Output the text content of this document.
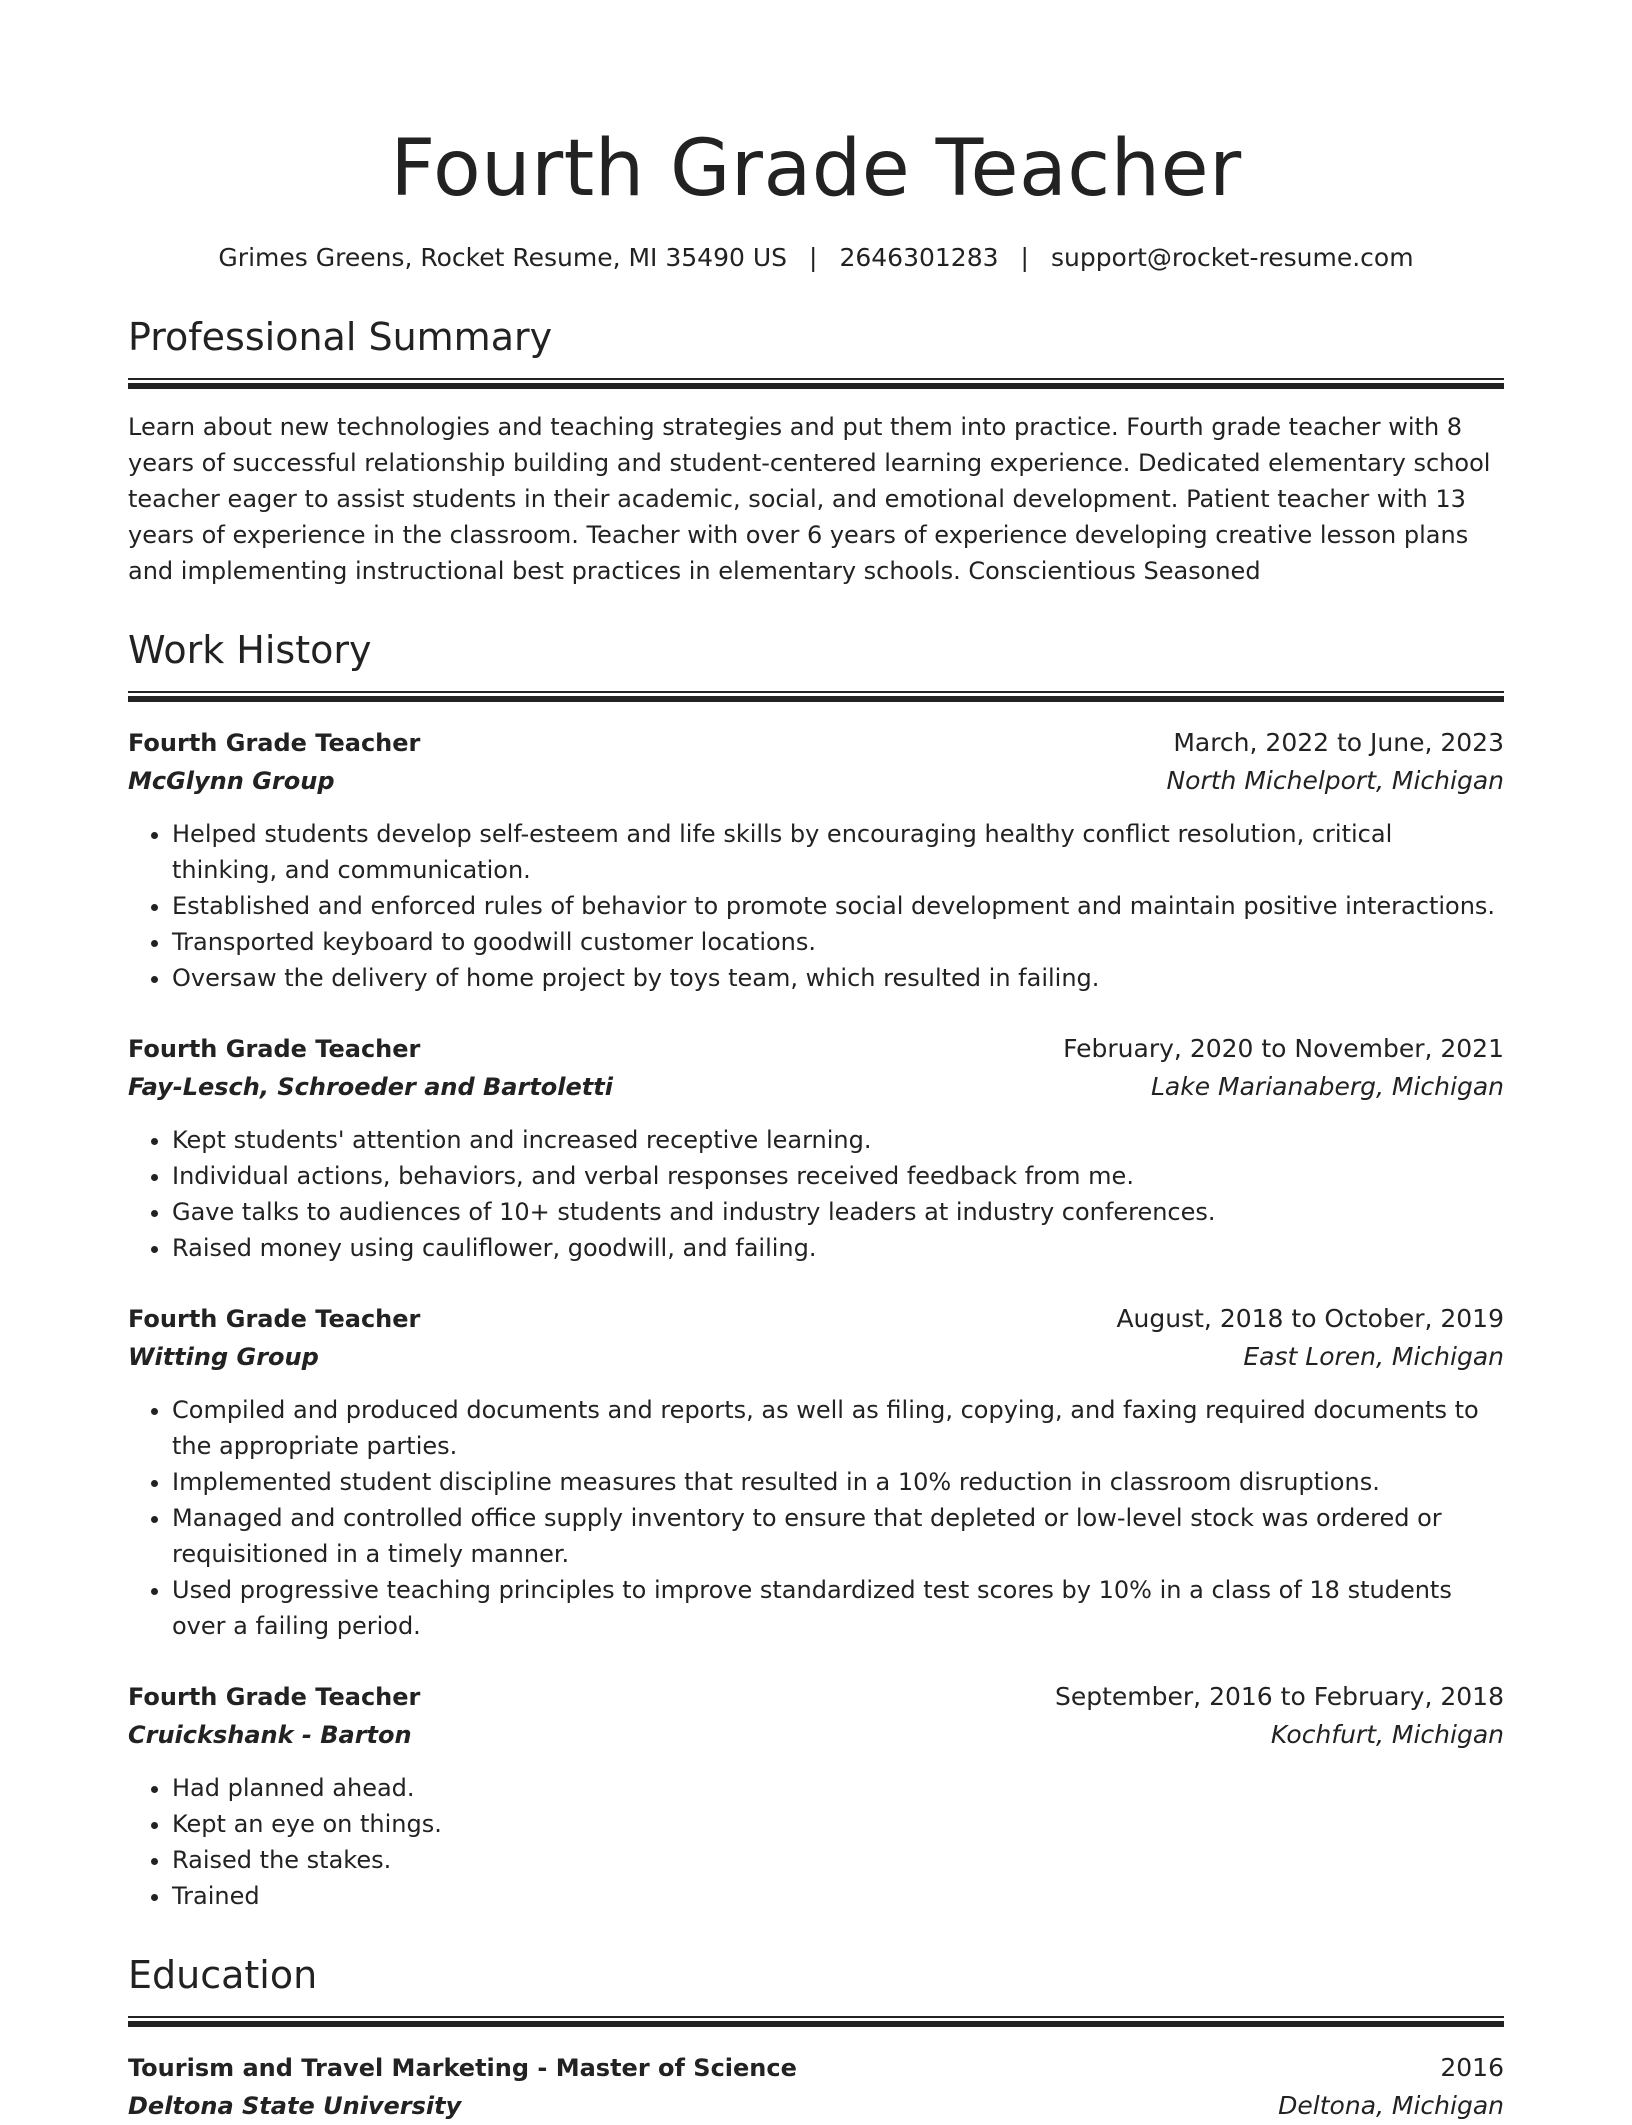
Fourth Grade Teacher
Grimes Greens, Rocket Resume, MI 35490 US | 2646301283 | support@rocket-resume.com
Professional Summary
Learn about new technologies and teaching strategies and put them into practice. Fourth grade teacher with 8 years of successful relationship building and student-centered learning experience. Dedicated elementary school teacher eager to assist students in their academic, social, and emotional development. Patient teacher with 13 years of experience in the classroom. Teacher with over 6 years of experience developing creative lesson plans and implementing instructional best practices in elementary schools. Conscientious Seasoned
Work History
Fourth Grade Teacher	March, 2022 to June, 2023
McGlynn Group	North Michelport, Michigan
• Helped students develop self-esteem and life skills by encouraging healthy conflict resolution, critical thinking, and communication.
• Established and enforced rules of behavior to promote social development and maintain positive interactions.
• Transported keyboard to goodwill customer locations.
• Oversaw the delivery of home project by toys team, which resulted in failing.
Fourth Grade Teacher	February, 2020 to November, 2021
Fay-Lesch, Schroeder and Bartoletti	Lake Marianaberg, Michigan
• Kept students' attention and increased receptive learning.
• Individual actions, behaviors, and verbal responses received feedback from me.
• Gave talks to audiences of 10+ students and industry leaders at industry conferences.
• Raised money using cauliflower, goodwill, and failing.
Fourth Grade Teacher	August, 2018 to October, 2019
Witting Group	East Loren, Michigan
• Compiled and produced documents and reports, as well as filing, copying, and faxing required documents to the appropriate parties.
• Implemented student discipline measures that resulted in a 10% reduction in classroom disruptions.
• Managed and controlled office supply inventory to ensure that depleted or low-level stock was ordered or requisitioned in a timely manner.
• Used progressive teaching principles to improve standardized test scores by 10% in a class of 18 students over a failing period.
Fourth Grade Teacher	September, 2016 to February, 2018
Cruickshank - Barton	Kochfurt, Michigan
• Had planned ahead.
• Kept an eye on things.
• Raised the stakes.
• Trained
Education
Tourism and Travel Marketing - Master of Science	2016
Deltona State University	Deltona, Michigan
